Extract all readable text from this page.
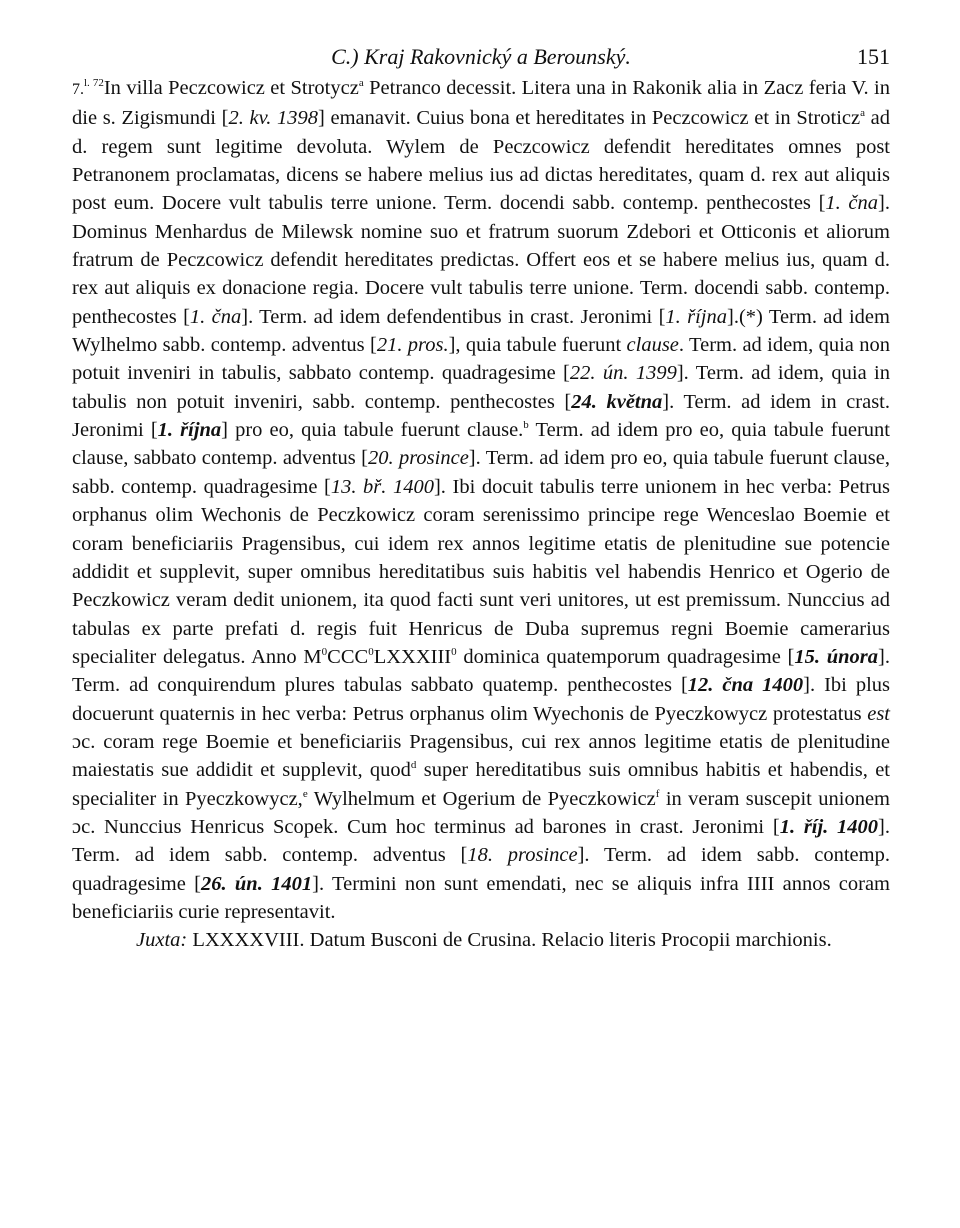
C.) Kraj Rakovnický a Berounský.	151

7.$^{l. 72}$In villa Peczcowicz et Strotycz$^a$ Petranco decessit. Litera una in Rakonik alia in Zacz feria V. in die s. Zigismundi [2. kv. 1398] emanavit. Cuius bona et hereditates in Peczcowicz et in Stroticz$^a$ ad d. regem sunt legitime devoluta. Wylem de Peczcowicz defendit hereditates omnes post Petranonem proclamatas, dicens se habere melius ius ad dictas hereditates, quam d. rex aut aliquis post eum. Docere vult tabulis terre unione. Term. docendi sabb. contemp. penthecostes [1. čna]. Dominus Menhardus de Milewsk nomine suo et fratrum suorum Zdebori et Otticonis et aliorum fratrum de Peczcowicz defendit hereditates predictas. Offert eos et se habere melius ius, quam d. rex aut aliquis ex donacione regia. Docere vult tabulis terre unione. Term. docendi sabb. contemp. penthecostes [1. čna]. Term. ad idem defendentibus in crast. Jeronimi [1. října].(*) Term. ad idem Wylhelmo sabb. contemp. adventus [21. pros.], quia tabule fuerunt clause. Term. ad idem, quia non potuit inveniri in tabulis, sabbato contemp. quadragesime [22. ún. 1399]. Term. ad idem, quia in tabulis non potuit inveniri, sabb. contemp. penthecostes [24. května]. Term. ad idem in crast. Jeronimi [1. října] pro eo, quia tabule fuerunt clause.$^b$ Term. ad idem pro eo, quia tabule fuerunt clause, sabbato contemp. adventus [20. prosince]. Term. ad idem pro eo, quia tabule fuerunt clause, sabb. contemp. quadragesime [13. bř. 1400]. Ibi docuit tabulis terre unionem in hec verba: Petrus orphanus olim Wechonis de Peczkowicz coram serenissimo principe rege Wenceslao Boemie et coram beneficiariis Pragensibus, cui idem rex annos legitime etatis de plenitudine sue potencie addidit et supplevit, super omnibus hereditatibus suis habitis vel habendis Henrico et Ogerio de Peczkowicz veram dedit unionem, ita quod facti sunt veri unitores, ut est premissum. Nunccius ad tabulas ex parte prefati d. regis fuit Henricus de Duba supremus regni Boemie camerarius specialiter delegatus. Anno $M^0CCC^0LXXXIII^0$ dominica quatemporum quadragesime [15. února]. Term. ad conquirendum plures tabulas sabbato quatemp. penthecostes [12. čna 1400]. Ibi plus docuerunt quaternis in hec verba: Petrus orphanus olim Wyechonis de Pyeczkowycz protestatus est ɔc. coram rege Boemie et beneficiariis Pragensibus, cui rex annos legitime etatis de plenitudine maiestatis sue addidit et supplevit, quod$^d$ super hereditatibus suis omnibus habitis et habendis, et specialiter in Pyeczkowycz,$^e$ Wylhelmum et Ogerium de Pyeczkowicz$^f$ in veram suscepit unionem ɔc. Nunccius Henricus Scopek. Cum hoc terminus ad barones in crast. Jeronimi [1. říj. 1400]. Term. ad idem sabb. contemp. adventus [18. prosince]. Term. ad idem sabb. contemp. quadragesime [26. ún. 1401]. Termini non sunt emendati, nec se aliquis infra IIII annos coram beneficiariis curie representavit.

Juxta: LXXXXVIII. Datum Busconi de Crusina. Relacio literis Procopii marchionis.
